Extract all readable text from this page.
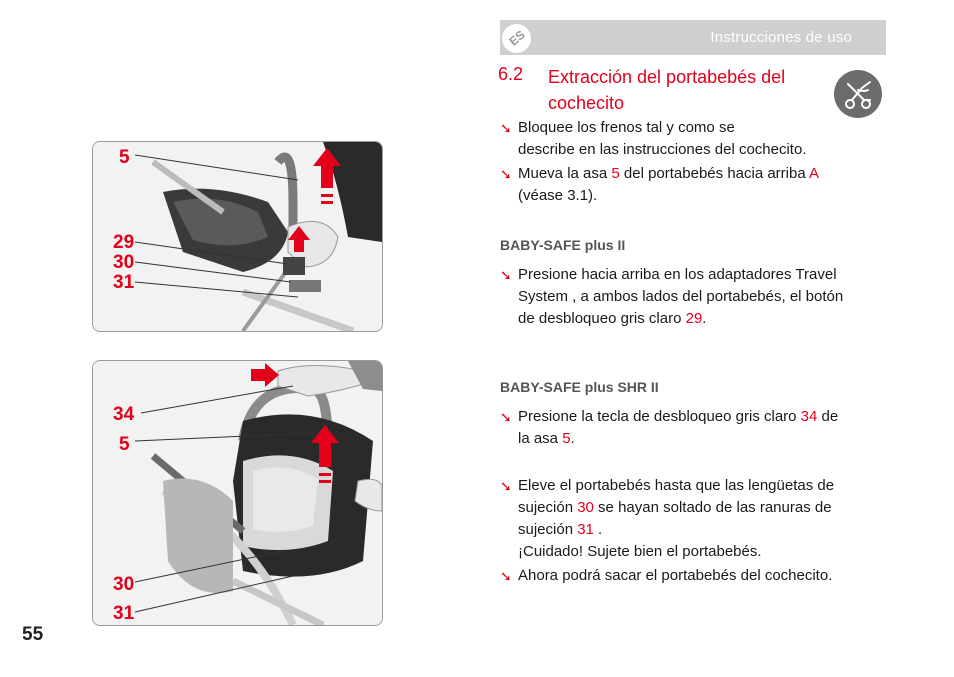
Instrucciones de uso
ES
6.2 Extracción del portabebés del
cochecito
➘ Bloquee los frenos tal y como se
describe en las instrucciones del cochecito.
➘ Mueva la asa 5 del portabebés hacia arriba A
(véase 3.1).
BABY-SAFE plus II
➘ Presione hacia arriba en los adaptadores Travel
System , a ambos lados del portabebés, el botón
de desbloqueo gris claro 29.
BABY-SAFE plus SHR II
➘ Presione la tecla de desbloqueo gris claro 34 de
la asa 5.
➘ Eleve el portabebés hasta que las lengüetas de
sujeción 30 se hayan soltado de las ranuras de
sujeción 31 .
¡Cuidado! Sujete bien el portabebés.
➘ Ahora podrá sacar el portabebés del cochecito.
5
29
30
31
34
5
30
31
55
